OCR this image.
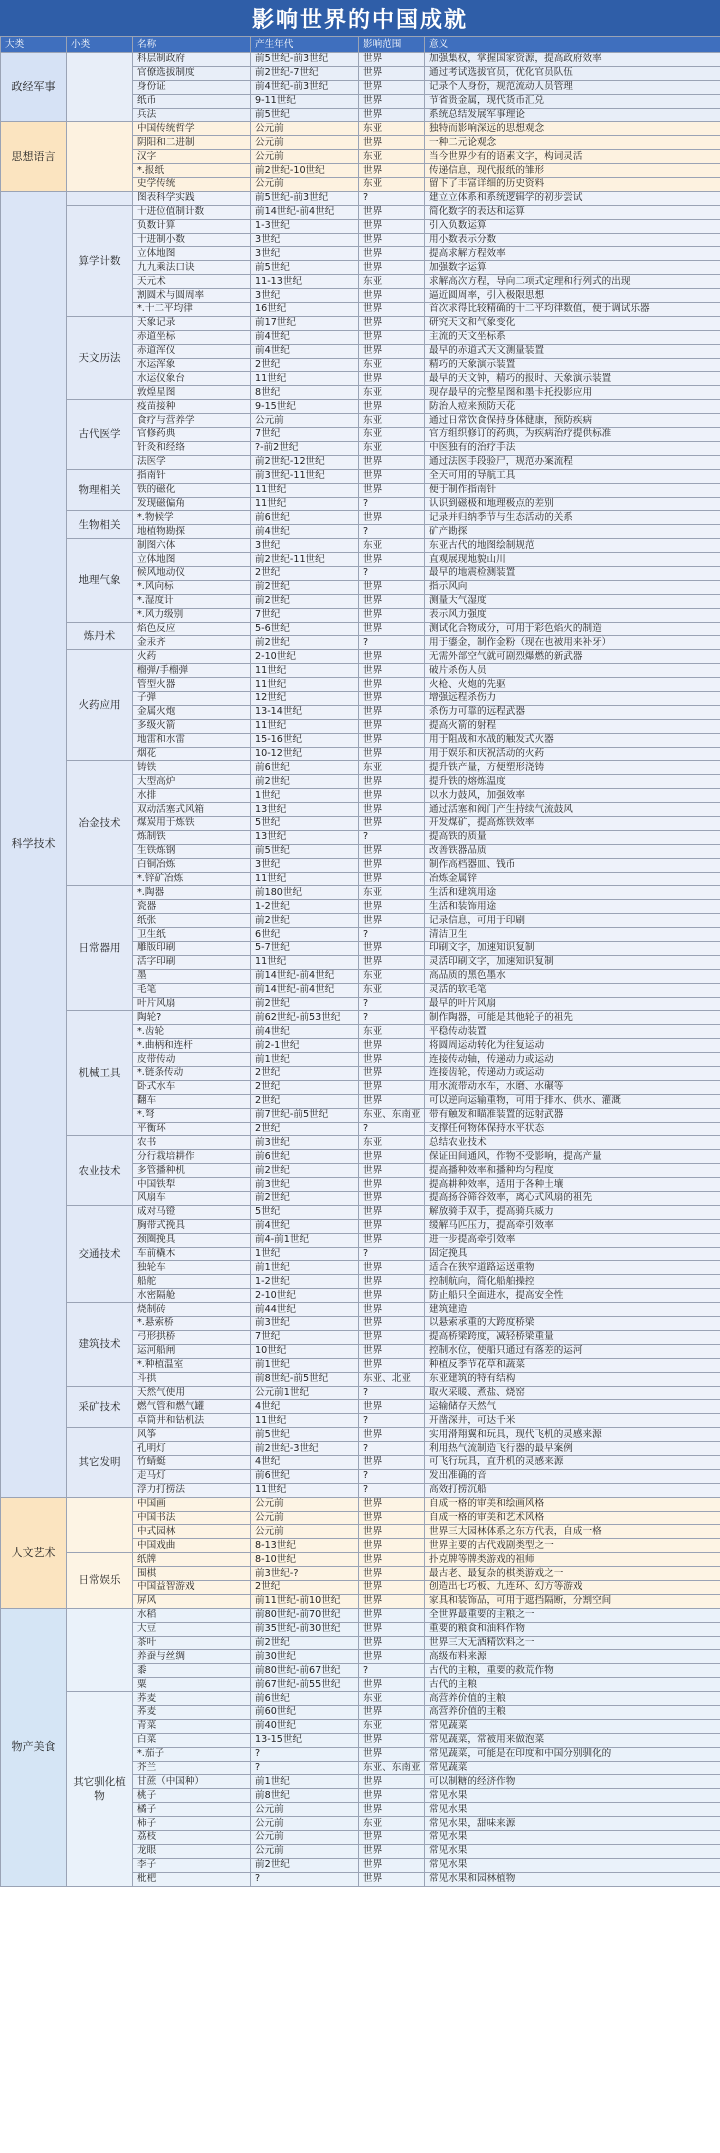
影响世界的中国成就
大类	小类	名称	产生年代	影响范围	意义
政经军事		科层制政府	前5世纪-前3世纪	世界	加强集权，掌握国家资源，提高政府效率
		官僚选拔制度	前2世纪-7世纪	世界	通过考试选拔官员，优化官员队伍
		身份证	前4世纪-前3世纪	世界	记录个人身份，规范流动人员管理
		纸币	9-11世纪	世界	节省贵金属，现代货币汇兑
		兵法	前5世纪	世界	系统总结发展军事理论
思想语言		中国传统哲学	公元前	东亚	独特而影响深远的思想观念
		阴阳和二进制	公元前	世界	一种二元论观念
		汉字	公元前	东亚	当今世界少有的语素文字，构词灵活
		*.报纸	前2世纪-10世纪	世界	传递信息，现代报纸的雏形
		史学传统	公元前	东亚	留下了丰富详细的历史资料
科学技术		图表科学实践	前5世纪-前3世纪	?	建立立体系和系统逻辑学的初步尝试
	算学计数	十进位值制计数	前14世纪-前4世纪	世界	简化数字的表达和运算
		负数计算	1-3世纪	世界	引入负数运算
		十进制小数	3世纪	世界	用小数表示分数
		立体地图	3世纪	世界	提高求解方程效率
		九九乘法口诀	前5世纪	世界	加强数字运算
		天元术	11-13世纪	东亚	求解高次方程，导向二项式定理和行列式的出现
		割圆术与圆周率	3世纪	世界	逼近圆周率，引入极限思想
		*.十二平均律	16世纪	世界	首次求得比较精确的十二平均律数值，便于调试乐器
	天文历法	天象记录	前17世纪	世界	研究天文和气象变化
		赤道坐标	前4世纪	世界	主流的天文坐标系
		赤道浑仪	前4世纪	世界	最早的赤道式天文测量装置
		水运浑象	2世纪	东亚	精巧的天象演示装置
		水运仪象台	11世纪	世界	最早的天文钟，精巧的报时、天象演示装置
		敦煌星图	8世纪	东亚	现存最早的完整星图和墨卡托投影应用
	古代医学	疫苗接种	9-15世纪	世界	防治人痘来预防天花
		食疗与营养学	公元前	东亚	通过日常饮食保持身体健康，预防疾病
		官修药典	7世纪	东亚	官方组织修订的药典，为疾病治疗提供标准
		针灸和经络	?-前2世纪	东亚	中医独有的治疗手法
		法医学	前2世纪-12世纪	世界	通过法医手段验尸，规范办案流程
	物理相关	指南针	前3世纪-11世纪	世界	全天可用的导航工具
		铁的磁化	11世纪	世界	便于制作指南针
		发现磁偏角	11世纪	?	认识到磁极和地理极点的差别
	生物相关	*.物候学	前6世纪	世界	记录并归纳季节与生态活动的关系
		地植物勘探	前4世纪	?	矿产勘探
	地理气象	制图六体	3世纪	东亚	东亚古代的地图绘制规范
		立体地图	前2世纪-11世纪	世界	直观展现地貌山川
		候风地动仪	2世纪	?	最早的地震检测装置
		*.风向标	前2世纪	世界	指示风向
		*.湿度计	前2世纪	世界	测量大气湿度
		*.风力级别	7世纪	世界	表示风力强度
	炼丹术	焰色反应	5-6世纪	世界	测试化合物成分，可用于彩色焰火的制造
		金汞齐	前2世纪	?	用于鎏金，制作金粉（现在也被用来补牙）
	火药应用	火药	2-10世纪	世界	无需外部空气就可剧烈爆燃的新武器
		榴弹/手榴弹	11世纪	世界	破片杀伤人员
		管型火器	11世纪	世界	火枪、火炮的先驱
		子弹	12世纪	世界	增强远程杀伤力
		金属火炮	13-14世纪	世界	杀伤力可靠的远程武器
		多级火箭	11世纪	世界	提高火箭的射程
		地雷和水雷	15-16世纪	世界	用于阻战和水战的触发式火器
		烟花	10-12世纪	世界	用于娱乐和庆祝活动的火药
	冶金技术	铸铁	前6世纪	东亚	提升铁产量，方便塑形浇铸
		大型高炉	前2世纪	世界	提升铁的熔炼温度
		水排	1世纪	世界	以水力鼓风，加强效率
		双动活塞式风箱	13世纪	世界	通过活塞和阀门产生持续气流鼓风
		煤炭用于炼铁	5世纪	世界	开发煤矿，提高炼铁效率
		炼制铁	13世纪	?	提高铁的质量
		生铁炼钢	前5世纪	世界	改善铁器品质
		白铜冶炼	3世纪	世界	制作高档器皿、钱币
		*.锌矿冶炼	11世纪	世界	冶炼金属锌
	日常器用	*.陶器	前180世纪	东亚	生活和建筑用途
		瓷器	1-2世纪	世界	生活和装饰用途
		纸张	前2世纪	世界	记录信息，可用于印刷
		卫生纸	6世纪	?	清洁卫生
		雕版印刷	5-7世纪	世界	印刷文字，加速知识复制
		活字印刷	11世纪	世界	灵活印刷文字，加速知识复制
		墨	前14世纪-前4世纪	东亚	高品质的黑色墨水
		毛笔	前14世纪-前4世纪	东亚	灵活的软毛笔
		叶片风扇	前2世纪	?	最早的叶片风扇
	机械工具	陶轮?	前62世纪-前53世纪	?	制作陶器，可能是其他轮子的祖先
		*.齿轮	前4世纪	东亚	平稳传动装置
		*.曲柄和连杆	前2-1世纪	世界	将圆周运动转化为往复运动
		皮带传动	前1世纪	世界	连接传动轴，传递动力或运动
		*.链条传动	2世纪	世界	连接齿轮，传递动力或运动
		卧式水车	2世纪	世界	用水流带动水车，水磨、水碾等
		翻车	2世纪	世界	可以逆向运输重物，可用于排水、供水、灌溉
		*.弩	前7世纪-前5世纪	东亚、东南亚	带有触发和瞄准装置的远射武器
		平衡环	2世纪	?	支撑任何物体保持水平状态
	农业技术	农书	前3世纪	东亚	总结农业技术
		分行栽培耕作	前6世纪	世界	保证田间通风，作物不受影响，提高产量
		多管播种机	前2世纪	世界	提高播种效率和播种均匀程度
		中国铁犁	前3世纪	世界	提高耕种效率，适用于各种土壤
		风扇车	前2世纪	世界	提高扬谷筛谷效率，离心式风扇的祖先
	交通技术	成对马镫	5世纪	世界	解放骑手双手，提高骑兵威力
		胸带式挽具	前4世纪	世界	缓解马匹压力，提高牵引效率
		颈圈挽具	前4-前1世纪	世界	进一步提高牵引效率
		车前橇木	1世纪	?	固定挽具
		独轮车	前1世纪	世界	适合在狭窄道路运送重物
		船舵	1-2世纪	世界	控制航向，简化船舶操控
		水密隔舱	2-10世纪	世界	防止船只全面进水，提高安全性
	建筑技术	烧制砖	前44世纪	世界	建筑建造
		*.悬索桥	前3世纪	世界	以悬索承重的大跨度桥梁
		弓形拱桥	7世纪	世界	提高桥梁跨度，减轻桥梁重量
		运河船闸	10世纪	世界	控制水位，使船只通过有落差的运河
		*.种植温室	前1世纪	世界	种植反季节花草和蔬菜
		斗拱	前8世纪-前5世纪	东亚、北亚	东亚建筑的特有结构
	采矿技术	天然气使用	公元前1世纪	?	取火采暖、煮盐、烧窑
		燃气管和燃气罐	4世纪	世界	运输储存天然气
		卓筒井和钻机法	11世纪	?	开凿深井，可达千米
	其它发明	风筝	前5世纪	世界	实用滑翔翼和玩具，现代飞机的灵感来源
		孔明灯	前2世纪-3世纪	?	利用热气流制造飞行器的最早案例
		竹蜻蜓	4世纪	世界	可飞行玩具，直升机的灵感来源
		走马灯	前6世纪	?	发出准确的音
		浮力打捞法	11世纪	?	高效打捞沉船
人文艺术		中国画	公元前	世界	自成一格的审美和绘画风格
		中国书法	公元前	世界	自成一格的审美和艺术风格
		中式园林	公元前	世界	世界三大园林体系之东方代表，自成一格
		中国戏曲	8-13世纪	世界	世界主要的古代戏剧类型之一
	日常娱乐	纸牌	8-10世纪	世界	扑克牌等牌类游戏的祖师
		围棋	前3世纪-?	世界	最古老、最复杂的棋类游戏之一
		中国益智游戏	2世纪	世界	创造出七巧板、九连环、幻方等游戏
		屏风	前11世纪-前10世纪	世界	家具和装饰品，可用于遮挡隔断，分割空间
物产美食		水稻	前80世纪-前70世纪	世界	全世界最重要的主粮之一
		大豆	前35世纪-前30世纪	世界	重要的粮食和油料作物
		茶叶	前2世纪	世界	世界三大无酒精饮料之一
		养蚕与丝绸	前30世纪	世界	高级布料来源
		黍	前80世纪-前67世纪	?	古代的主粮，重要的救荒作物
		粟	前67世纪-前55世纪	世界	古代的主粮
	其它驯化植物	荞麦	前6世纪	东亚	高营养价值的主粮
		荞麦	前60世纪	世界	高营养价值的主粮
		青菜	前40世纪	东亚	常见蔬菜
		白菜	13-15世纪	世界	常见蔬菜，常被用来做泡菜
		*.茄子	?	世界	常见蔬菜，可能是在印度和中国分别驯化的
		芥兰	?	东亚、东南亚	常见蔬菜
		甘蔗（中国种）	前1世纪	世界	可以制糖的经济作物
		桃子	前8世纪	世界	常见水果
		橘子	公元前	世界	常见水果
		柿子	公元前	东亚	常见水果，甜味来源
		荔枝	公元前	世界	常见水果
		龙眼	公元前	世界	常见水果
		李子	前2世纪	世界	常见水果
		枇杷	?	世界	常见水果和园林植物
